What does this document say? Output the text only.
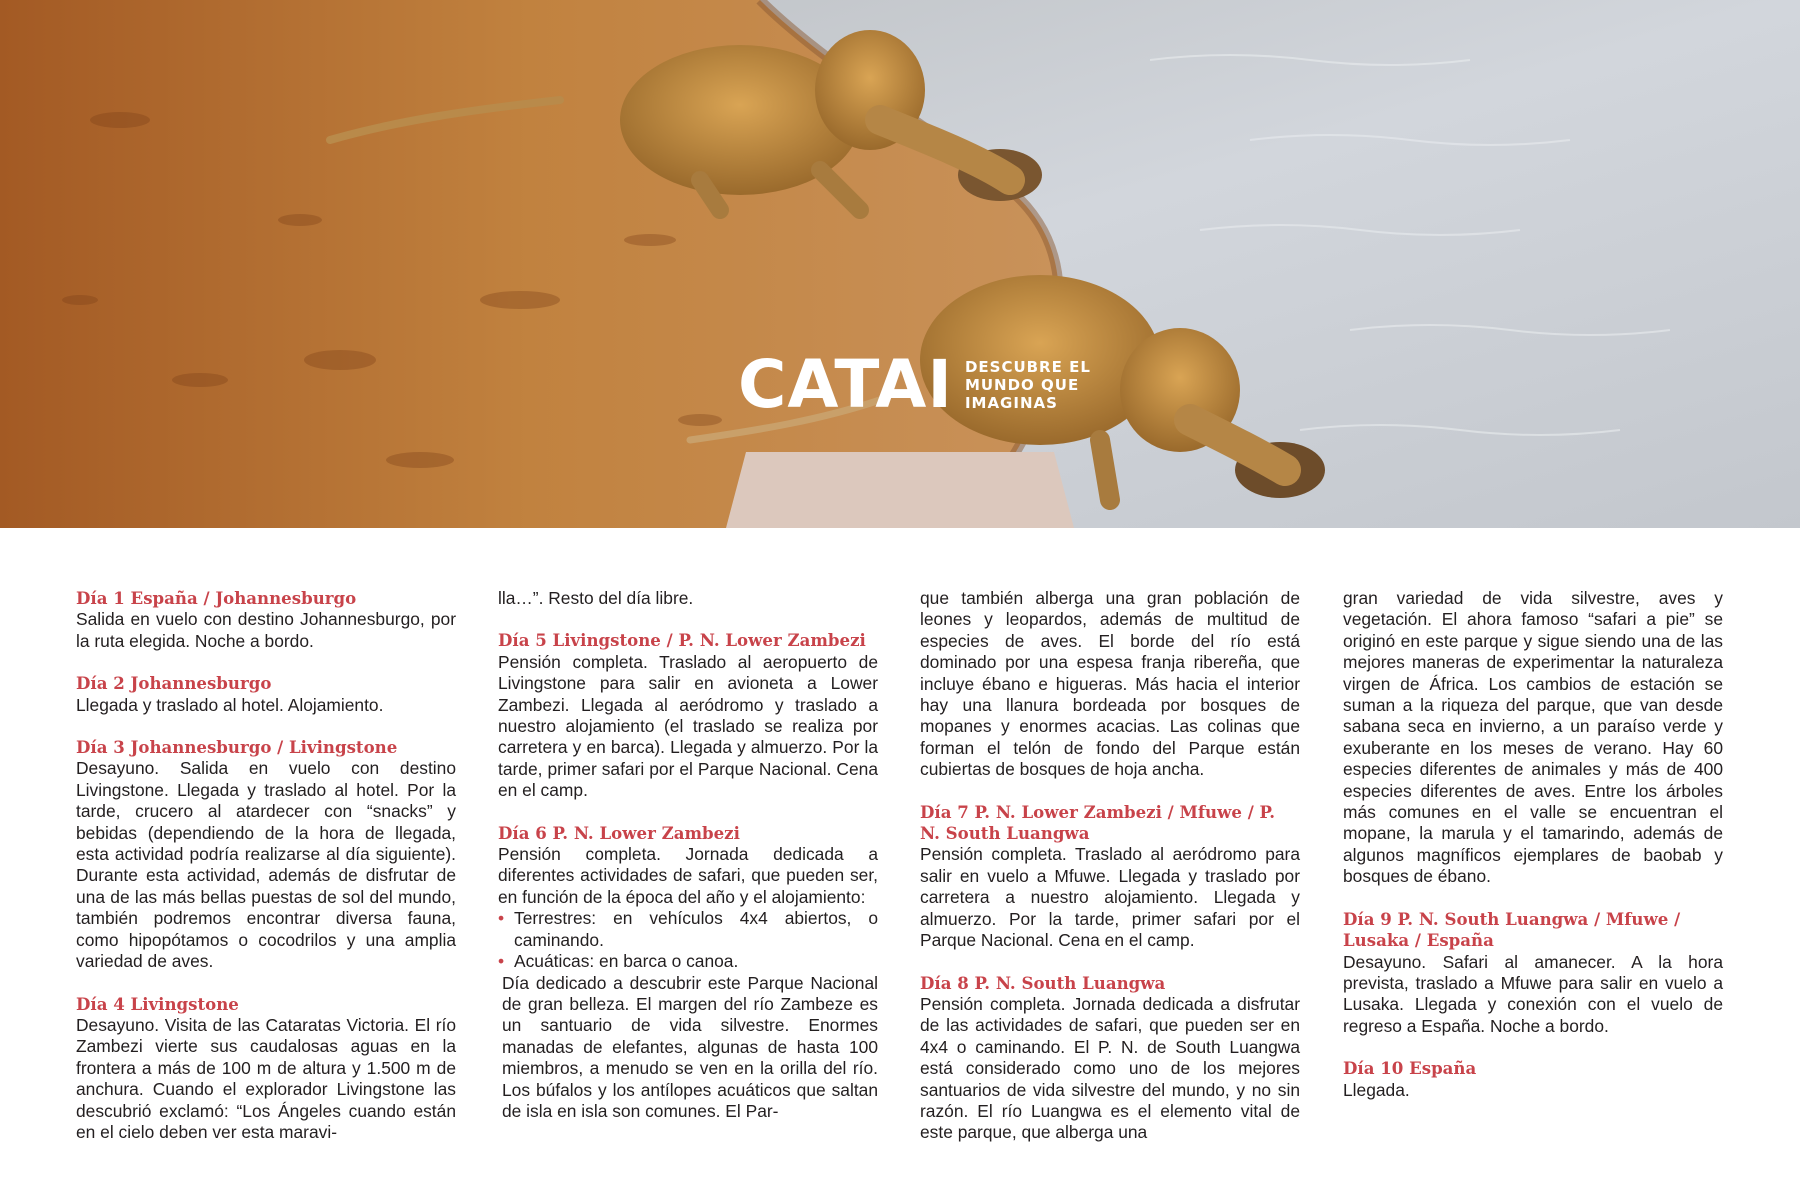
CATAI DESCUBRE EL
MUNDO QUE
IMAGINAS

Día 1 España / Johannesburgo
Salida en vuelo con destino Johannesburgo, por la ruta elegida. Noche a bordo.

Día 2 Johannesburgo
Llegada y traslado al hotel. Alojamiento.

Día 3 Johannesburgo / Livingstone
Desayuno. Salida en vuelo con destino Livingstone. Llegada y traslado al hotel. Por la tarde, crucero al atardecer con “snacks” y bebidas (dependiendo de la hora de llegada, esta actividad podría realizarse al día siguiente). Durante esta actividad, además de disfrutar de una de las más bellas puestas de sol del mundo, también podremos encontrar diversa fauna, como hipopótamos o cocodrilos y una amplia variedad de aves.

Día 4 Livingstone
Desayuno. Visita de las Cataratas Victoria. El río Zambezi vierte sus caudalosas aguas en la frontera a más de 100 m de altura y 1.500 m de anchura. Cuando el explorador Livingstone las descubrió exclamó: “Los Ángeles cuando están en el cielo deben ver esta maravi-

lla…”. Resto del día libre.

Día 5 Livingstone / P. N. Lower Zambezi
Pensión completa. Traslado al aeropuerto de Livingstone para salir en avioneta a Lower Zambezi. Llegada al aeródromo y traslado a nuestro alojamiento (el traslado se realiza por carretera y en barca). Llegada y almuerzo. Por la tarde, primer safari por el Parque Nacional. Cena en el camp.

Día 6 P. N. Lower Zambezi
Pensión completa. Jornada dedicada a diferentes actividades de safari, que pueden ser, en función de la época del año y el alojamiento:

• Terrestres: en vehículos 4x4 abiertos, o caminando.
• Acuáticas: en barca o canoa.

Día dedicado a descubrir este Parque Nacional de gran belleza. El margen del río Zambeze es un santuario de vida silvestre. Enormes manadas de elefantes, algunas de hasta 100 miembros, a menudo se ven en la orilla del río. Los búfalos y los antílopes acuáticos que saltan de isla en isla son comunes. El Par-

que también alberga una gran población de leones y leopardos, además de multitud de especies de aves. El borde del río está dominado por una espesa franja ribereña, que incluye ébano e higueras. Más hacia el interior hay una llanura bordeada por bosques de mopanes y enormes acacias. Las colinas que forman el telón de fondo del Parque están cubiertas de bosques de hoja ancha.

Día 7 P. N. Lower Zambezi / Mfuwe / P. N. South Luangwa
Pensión completa. Traslado al aeródromo para salir en vuelo a Mfuwe. Llegada y traslado por carretera a nuestro alojamiento. Llegada y almuerzo. Por la tarde, primer safari por el Parque Nacional. Cena en el camp.

Día 8 P. N. South Luangwa
Pensión completa. Jornada dedicada a disfrutar de las actividades de safari, que pueden ser en 4x4 o caminando. El P. N. de South Luangwa está considerado como uno de los mejores santuarios de vida silvestre del mundo, y no sin razón. El río Luangwa es el elemento vital de este parque, que alberga una

gran variedad de vida silvestre, aves y vegetación. El ahora famoso “safari a pie” se originó en este parque y sigue siendo una de las mejores maneras de experimentar la naturaleza virgen de África. Los cambios de estación se suman a la riqueza del parque, que van desde sabana seca en invierno, a un paraíso verde y exuberante en los meses de verano. Hay 60 especies diferentes de animales y más de 400 especies diferentes de aves. Entre los árboles más comunes en el valle se encuentran el mopane, la marula y el tamarindo, además de algunos magníficos ejemplares de baobab y bosques de ébano.

Día 9 P. N. South Luangwa / Mfuwe / Lusaka / España
Desayuno. Safari al amanecer. A la hora prevista, traslado a Mfuwe para salir en vuelo a Lusaka. Llegada y conexión con el vuelo de regreso a España. Noche a bordo.

Día 10 España
Llegada.
